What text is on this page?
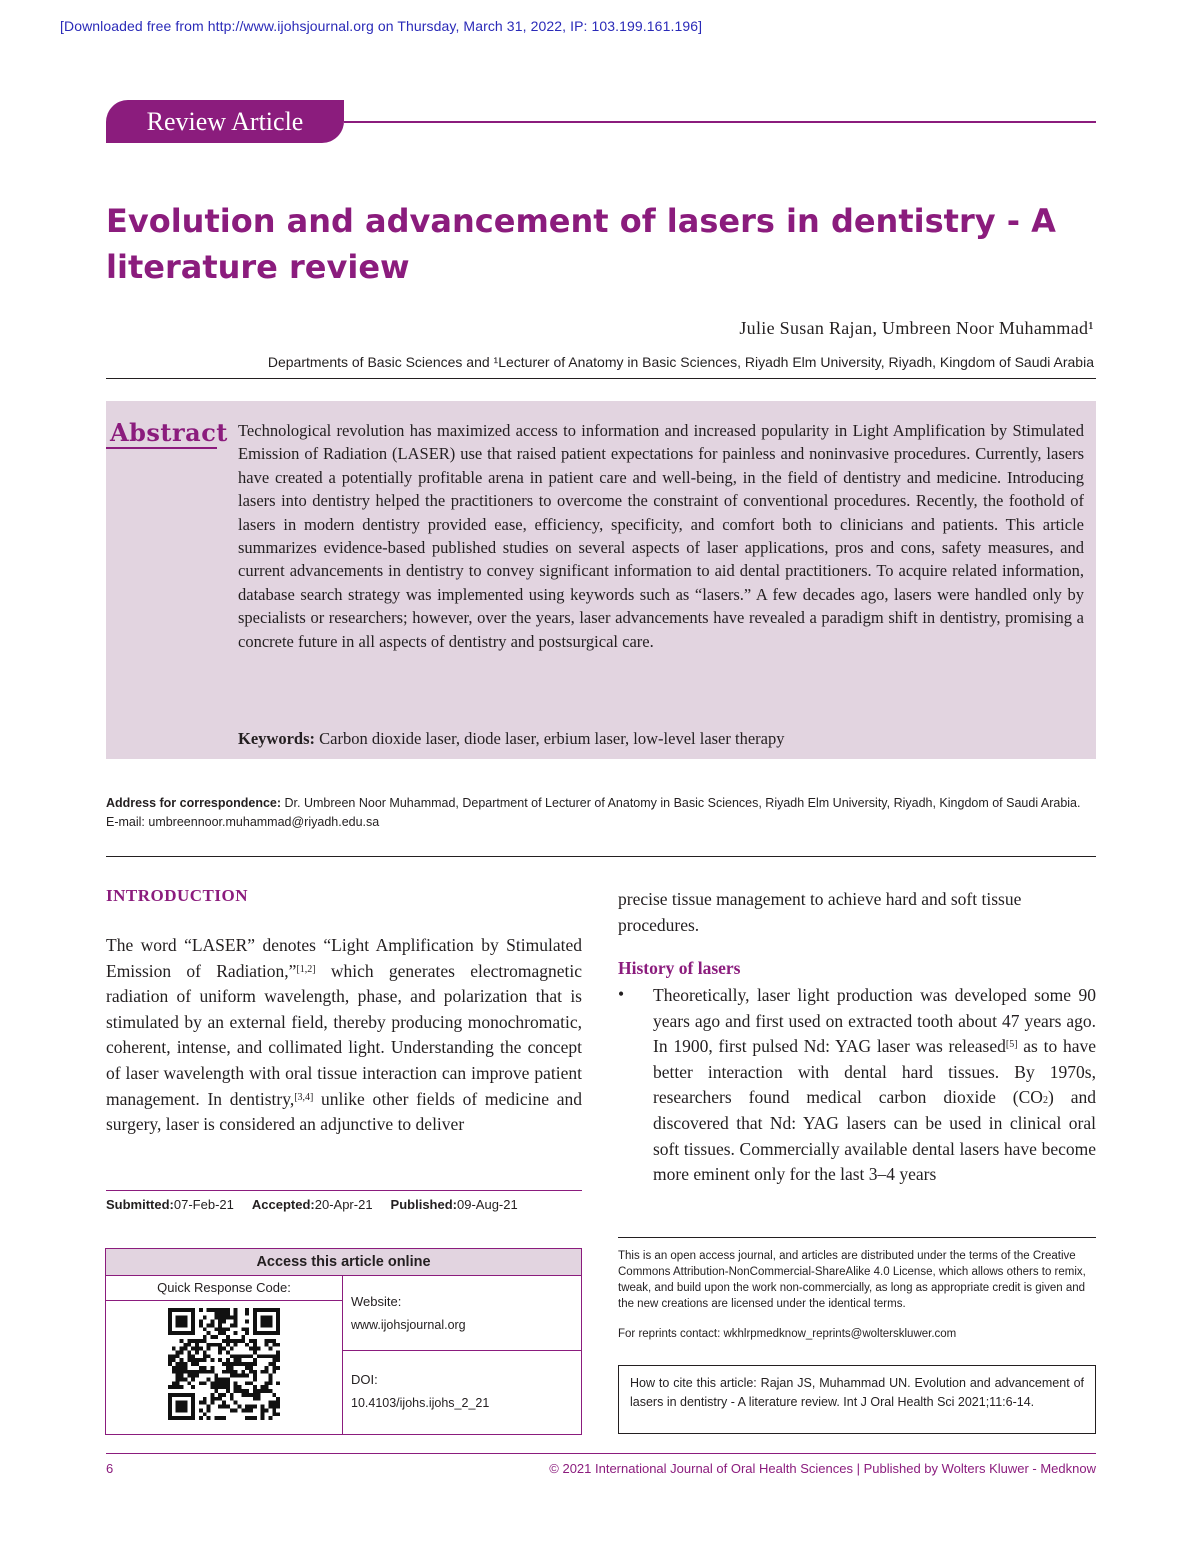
[Downloaded free from http://www.ijohsjournal.org on Thursday, March 31, 2022, IP: 103.199.161.196]
Review Article
Evolution and advancement of lasers in dentistry - A literature review
Julie Susan Rajan, Umbreen Noor Muhammad¹
Departments of Basic Sciences and ¹Lecturer of Anatomy in Basic Sciences, Riyadh Elm University, Riyadh, Kingdom of Saudi Arabia
Abstract Technological revolution has maximized access to information and increased popularity in Light Amplification by Stimulated Emission of Radiation (LASER) use that raised patient expectations for painless and noninvasive procedures. Currently, lasers have created a potentially profitable arena in patient care and well-being, in the field of dentistry and medicine. Introducing lasers into dentistry helped the practitioners to overcome the constraint of conventional procedures. Recently, the foothold of lasers in modern dentistry provided ease, efficiency, specificity, and comfort both to clinicians and patients. This article summarizes evidence-based published studies on several aspects of laser applications, pros and cons, safety measures, and current advancements in dentistry to convey significant information to aid dental practitioners. To acquire related information, database search strategy was implemented using keywords such as “lasers.” A few decades ago, lasers were handled only by specialists or researchers; however, over the years, laser advancements have revealed a paradigm shift in dentistry, promising a concrete future in all aspects of dentistry and postsurgical care.
Keywords: Carbon dioxide laser, diode laser, erbium laser, low-level laser therapy
Address for correspondence: Dr. Umbreen Noor Muhammad, Department of Lecturer of Anatomy in Basic Sciences, Riyadh Elm University, Riyadh, Kingdom of Saudi Arabia.
E-mail: umbreennoor.muhammad@riyadh.edu.sa
INTRODUCTION
The word “LASER” denotes “Light Amplification by Stimulated Emission of Radiation,”[1,2] which generates electromagnetic radiation of uniform wavelength, phase, and polarization that is stimulated by an external field, thereby producing monochromatic, coherent, intense, and collimated light. Understanding the concept of laser wavelength with oral tissue interaction can improve patient management. In dentistry,[3,4] unlike other fields of medicine and surgery, laser is considered an adjunctive to deliver
Submitted:07-Feb-21 Accepted:20-Apr-21 Published:09-Aug-21
Access this article online
Quick Response Code:
Website:
www.ijohsjournal.org
DOI:
10.4103/ijohs.ijohs_2_21
precise tissue management to achieve hard and soft tissue procedures.
History of lasers
• Theoretically, laser light production was developed some 90 years ago and first used on extracted tooth about 47 years ago. In 1900, first pulsed Nd: YAG laser was released[5] as to have better interaction with dental hard tissues. By 1970s, researchers found medical carbon dioxide $(CO_2)$ and discovered that Nd: YAG lasers can be used in clinical oral soft tissues. Commercially available dental lasers have become more eminent only for the last 3–4 years
This is an open access journal, and articles are distributed under the terms of the Creative Commons Attribution-NonCommercial-ShareAlike 4.0 License, which allows others to remix, tweak, and build upon the work non-commercially, as long as appropriate credit is given and the new creations are licensed under the identical terms.
For reprints contact: wkhlrpmedknow_reprints@wolterskluwer.com
How to cite this article: Rajan JS, Muhammad UN. Evolution and advancement of lasers in dentistry - A literature review. Int J Oral Health Sci 2021;11:6-14.
6	© 2021 International Journal of Oral Health Sciences | Published by Wolters Kluwer - Medknow
